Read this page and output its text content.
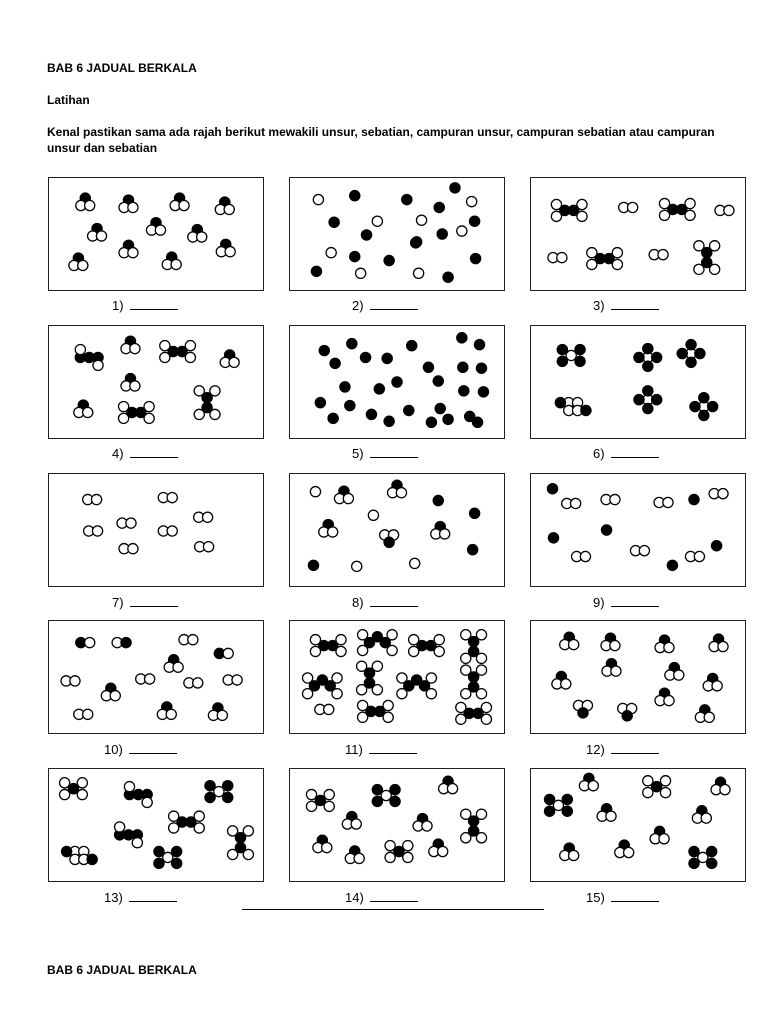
BAB 6 JADUAL BERKALA
Latihan
Kenal pastikan sama ada rajah berikut mewakili unsur, sebatian, campuran unsur, campuran sebatian atau campuran unsur dan sebatian
1)	2)	3)
4)	5)	6)
7)	8)	9)
10)	11)	12)
13)	14)	15)
BAB 6 JADUAL BERKALA
